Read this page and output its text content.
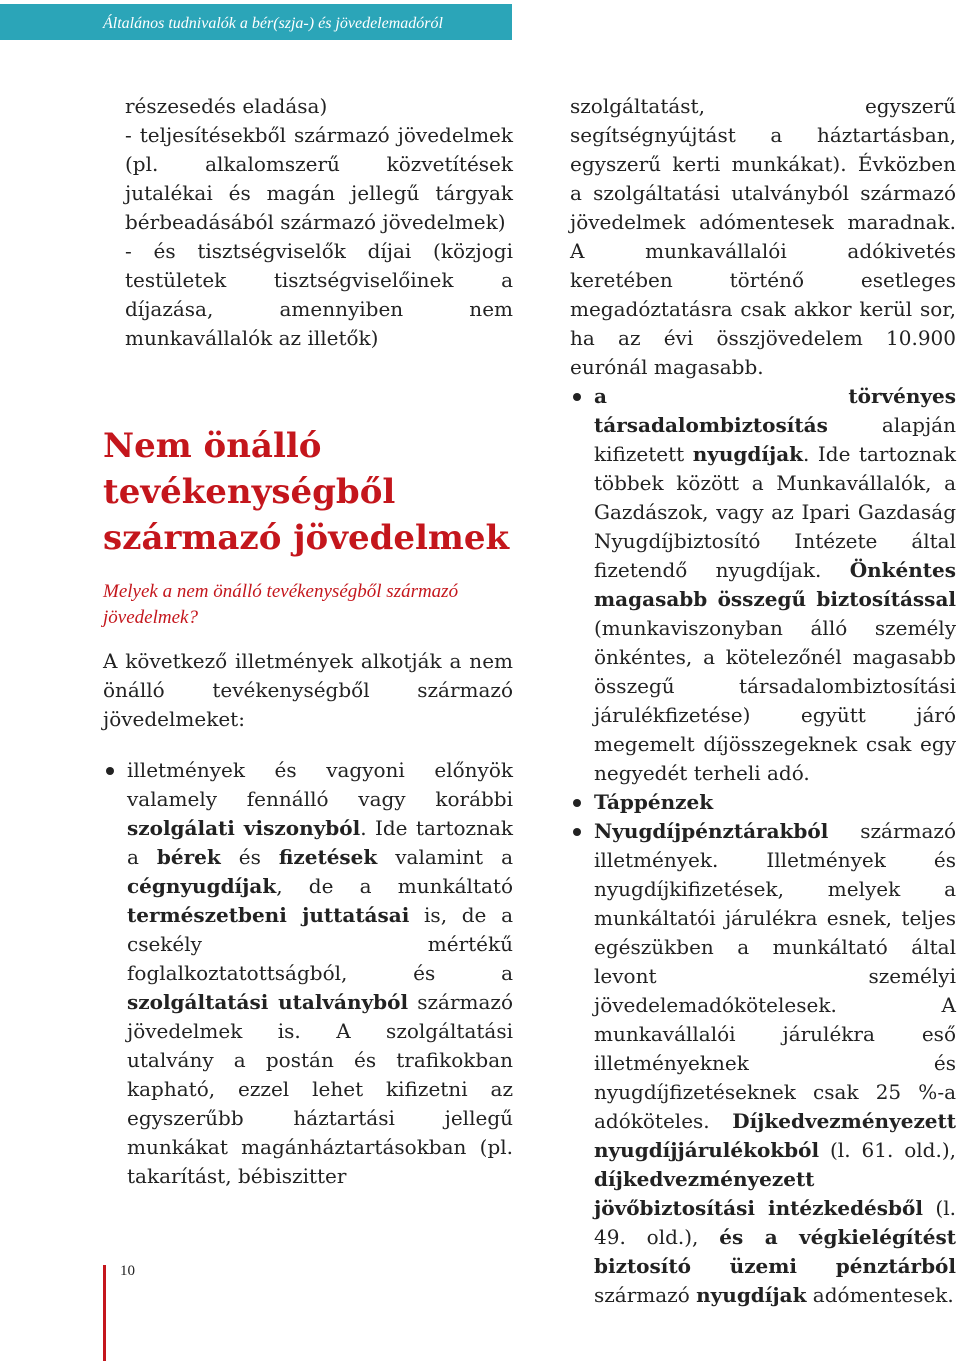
Általános tudnivalók a bér(szja-) és jövedelemadóról

részesedés eladása)

- teljesítésekből származó jövedelmek (pl. alkalomszerű közvetítések jutalékai és magán jellegű tárgyak bérbeadásából származó jövedelmek)

- és tisztségviselők díjai (közjogi testületek tisztségviselőinek a díjazása, amennyiben nem munkavállalók az illetők)

Nem önálló tevékenységből származó jövedelmek
Melyek a nem önálló tevékenységből származó jövedelmek?

A következő illetmények alkotják a nem önálló tevékenységből származó jövedelmeket:

illetmények és vagyoni előnyök valamely fennálló vagy korábbi szolgálati viszonyból. Ide tartoznak a bérek és fizetések valamint a cégnyugdíjak, de a munkáltató természetbeni juttatásai is, de a csekély mértékű foglalkoztatottságból, és a szolgáltatási utalványból származó jövedelmek is. A szolgáltatási utalvány a postán és trafikokban kapható, ezzel lehet kifizetni az egyszerűbb háztartási jellegű munkákat magánháztartásokban (pl. takarítást, bébiszitter

szolgáltatást, egyszerű segítségnyújtást a háztartásban, egyszerű kerti munkákat). Évközben a szolgáltatási utalványból származó jövedelmek adómentesek maradnak. A munkavállalói adókivetés keretében történő esetleges megadóztatásra csak akkor kerül sor, ha az évi összjövedelem 10.900 eurónál magasabb.

a törvényes társadalombiztosítás alapján kifizetett nyugdíjak. Ide tartoznak többek között a Munkavállalók, a Gazdászok, vagy az Ipari Gazdaság Nyugdíjbiztosító Intézete által fizetendő nyugdíjak. Önkéntes magasabb összegű biztosítással (munkaviszonyban álló személy önkéntes, a kötelezőnél magasabb összegű társadalombiztosítási járulékfizetése) együtt járó megemelt díjösszegeknek csak egy negyedét terheli adó.
Táppénzek
Nyugdíjpénztárakból származó illetmények. Illetmények és nyugdíjkifizetések, melyek a munkáltatói járulékra esnek, teljes egészükben a munkáltató által levont személyi jövedelemadókötelesek. A munkavállalói járulékra eső illetményeknek és nyugdíjfizetéseknek csak 25 %-a adóköteles. Díjkedvezményezett nyugdíjjárulékokból (l. 61. old.), díjkedvezményezett jövőbiztosítási intézkedésből (l. 49. old.), és a végkielégítést biztosító üzemi pénztárból származó nyugdíjak adómentesek.
10
